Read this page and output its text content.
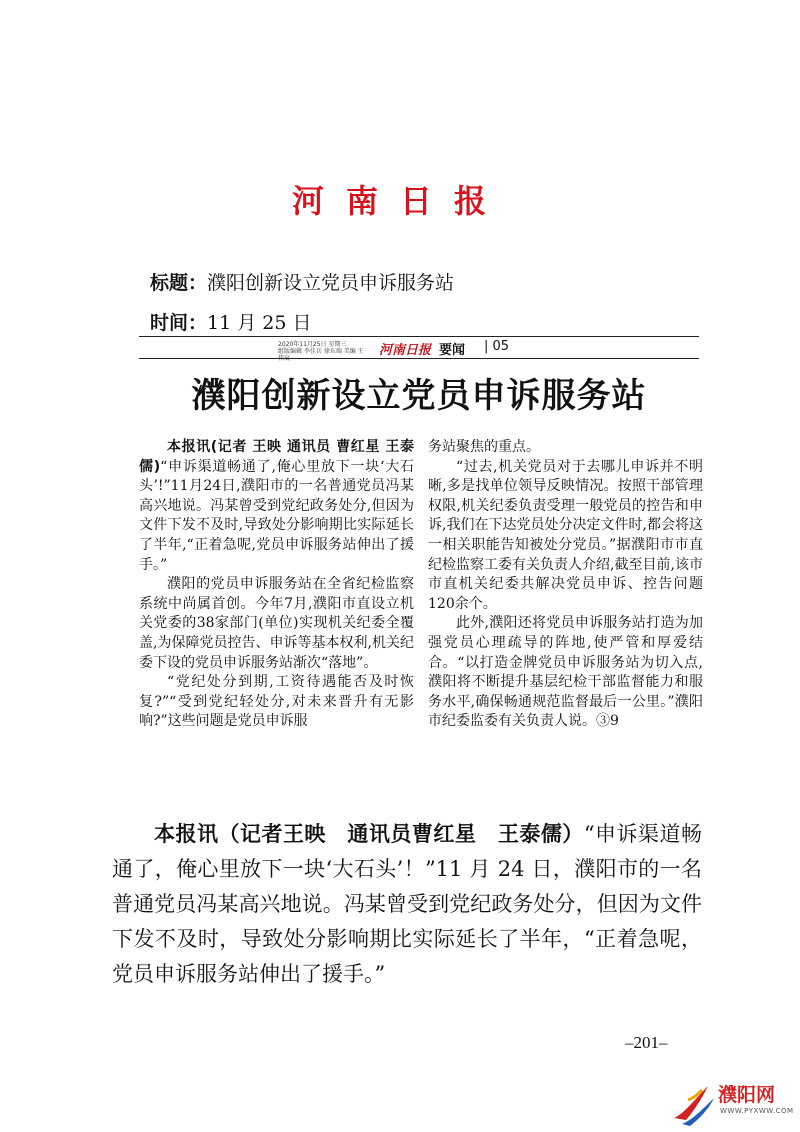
河南日报
标题：濮阳创新设立党员申诉服务站
时间：11 月 25 日
2020年11月25日 星期三
组版编辑 李佳兵 徐东瑞 美编 王	河南日报 要闻 | 05
濮阳创新设立党员申诉服务站

本报讯(记者 王映 通讯员 曹红星 王泰儒)“申诉渠道畅通了,俺心里放下一块‘大石头’!”11月24日,濮阳市的一名普通党员冯某高兴地说。冯某曾受到党纪政务处分,但因为文件下发不及时,导致处分影响期比实际延长了半年,“正着急呢,党员申诉服务站伸出了援手。”

濮阳的党员申诉服务站在全省纪检监察系统中尚属首创。今年7月,濮阳市直设立机关党委的38家部门(单位)实现机关纪委全覆盖,为保障党员控告、申诉等基本权利,机关纪委下设的党员申诉服务站渐次“落地”。

“党纪处分到期,工资待遇能否及时恢复?”“受到党纪轻处分,对未来晋升有无影响?”这些问题是党员申诉服

务站聚焦的重点。

“过去,机关党员对于去哪儿申诉并不明晰,多是找单位领导反映情况。按照干部管理权限,机关纪委负责受理一般党员的控告和申诉,我们在下达党员处分决定文件时,都会将这一相关职能告知被处分党员。”据濮阳市市直纪检监察工委有关负责人介绍,截至目前,该市市直机关纪委共解决党员申诉、控告问题120余个。

此外,濮阳还将党员申诉服务站打造为加强党员心理疏导的阵地,使严管和厚爱结合。“以打造金牌党员申诉服务站为切入点,濮阳将不断提升基层纪检干部监督能力和服务水平,确保畅通规范监督最后一公里。”濮阳市纪委监委有关负责人说。③9

本报讯（记者王映　通讯员曹红星　王泰儒）“申诉渠道畅通了，俺心里放下一块‘大石头’！”11 月 24 日，濮阳市的一名普通党员冯某高兴地说。冯某曾受到党纪政务处分，但因为文件下发不及时，导致处分影响期比实际延长了半年，“正着急呢，党员申诉服务站伸出了援手。”

–201–
濮阳网
WWW.PYXWW.COM
